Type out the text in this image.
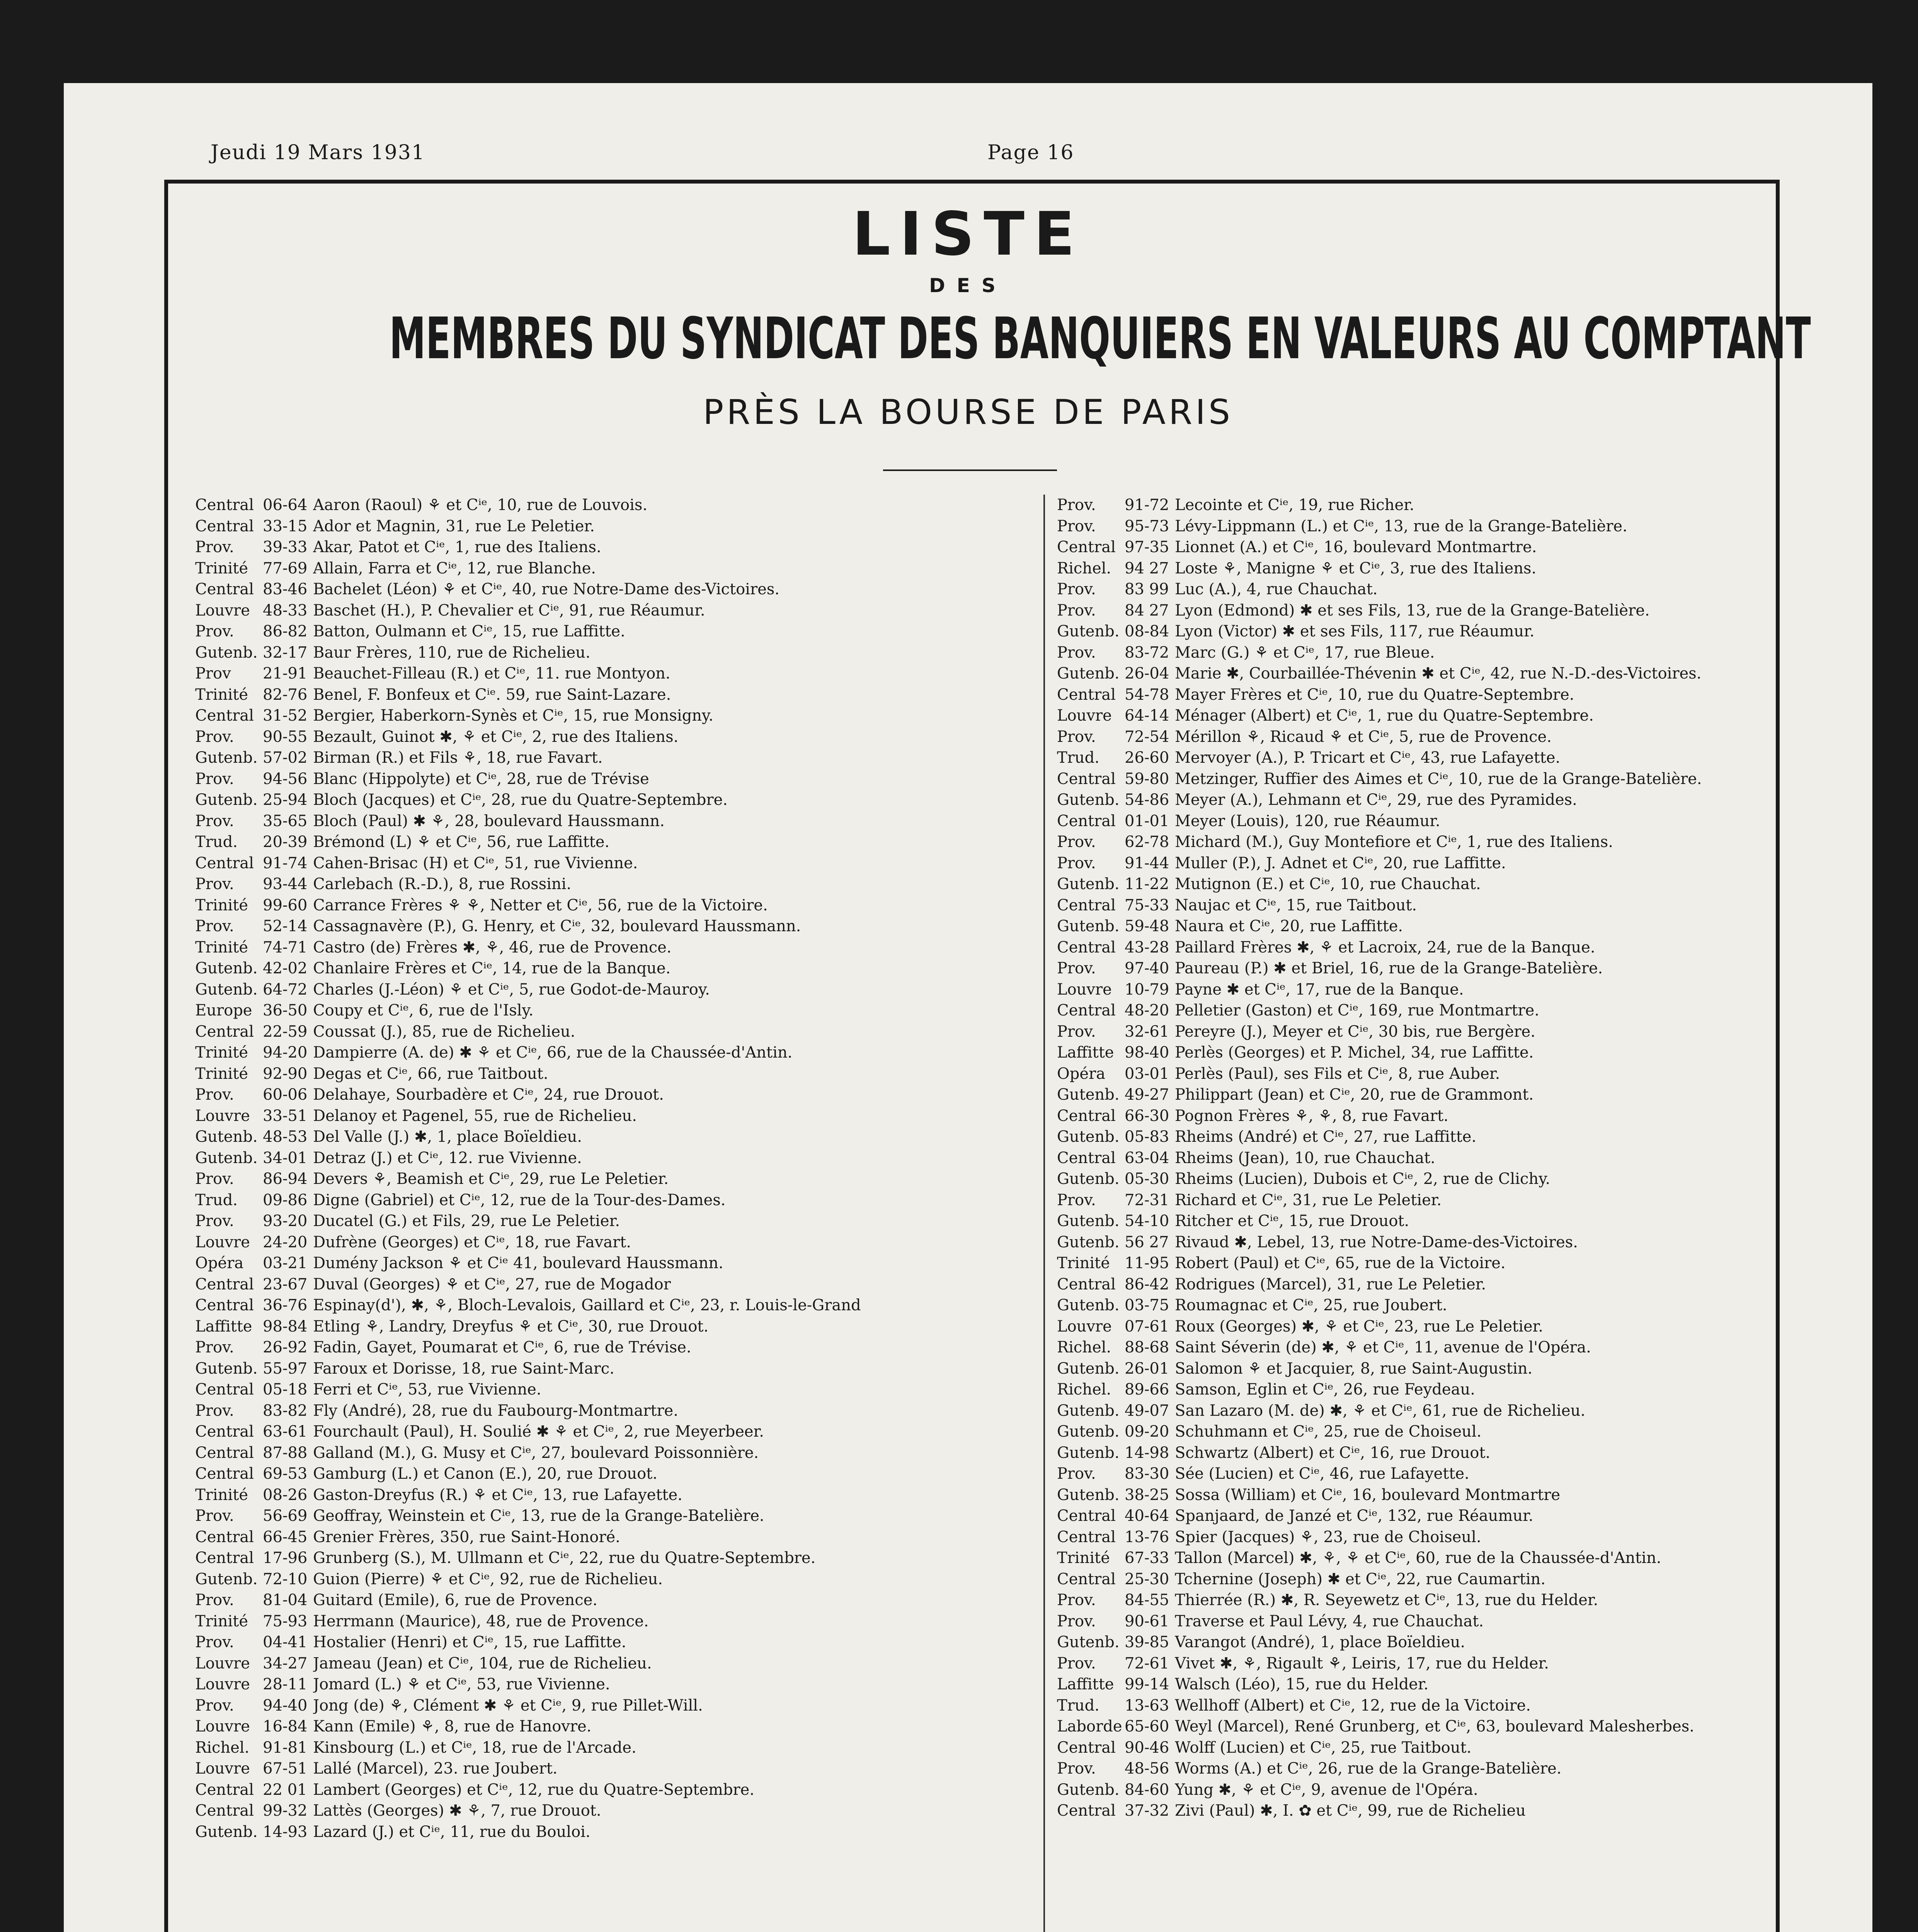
Jeudi 19 Mars 1931	Page 16
LISTE
DES
MEMBRES DU SYNDICAT DES BANQUIERS EN VALEURS AU COMPTANT
PRÈS LA BOURSE DE PARIS
Central 06-64 Aaron (Raoul) ⚘ et Cⁱᵉ, 10, rue de Louvois.
Central 33-15 Ador et Magnin, 31, rue Le Peletier.
Prov.	39-33 Akar, Patot et Cⁱᵉ, 1, rue des Italiens.
Trinité 77-69 Allain, Farra et Cⁱᵉ, 12, rue Blanche.
Central 83-46 Bachelet (Léon) ⚘ et Cⁱᵉ, 40, rue Notre-Dame des-Victoires.
Louvre 48-33 Baschet (H.), P. Chevalier et Cⁱᵉ, 91, rue Réaumur.
Prov.	86-82 Batton, Oulmann et Cⁱᵉ, 15, rue Laffitte.
Gutenb. 32-17 Baur Frères, 110, rue de Richelieu.
Prov	21-91 Beauchet-Filleau (R.) et Cⁱᵉ, 11. rue Montyon.
Trinité 82-76 Benel, F. Bonfeux et Cⁱᵉ. 59, rue Saint-Lazare.
Central 31-52 Bergier, Haberkorn-Synès et Cⁱᵉ, 15, rue Monsigny.
Prov.	90-55 Bezault, Guinot ✱, ⚘ et Cⁱᵉ, 2, rue des Italiens.
Gutenb. 57-02 Birman (R.) et Fils ⚘, 18, rue Favart.
Prov.	94-56 Blanc (Hippolyte) et Cⁱᵉ, 28, rue de Trévise
Gutenb. 25-94 Bloch (Jacques) et Cⁱᵉ, 28, rue du Quatre-Septembre.
Prov.	35-65 Bloch (Paul) ✱ ⚘, 28, boulevard Haussmann.
Trud.	20-39 Brémond (L) ⚘ et Cⁱᵉ, 56, rue Laffitte.
Central 91-74 Cahen-Brisac (H) et Cⁱᵉ, 51, rue Vivienne.
Prov.	93-44 Carlebach (R.-D.), 8, rue Rossini.
Trinité 99-60 Carrance Frères ⚘ ⚘, Netter et Cⁱᵉ, 56, rue de la Victoire.
Prov.	52-14 Cassagnavère (P.), G. Henry, et Cⁱᵉ, 32, boulevard Haussmann.
Trinité 74-71 Castro (de) Frères ✱, ⚘, 46, rue de Provence.
Gutenb. 42-02 Chanlaire Frères et Cⁱᵉ, 14, rue de la Banque.
Gutenb. 64-72 Charles (J.-Léon) ⚘ et Cⁱᵉ, 5, rue Godot-de-Mauroy.
Europe 36-50 Coupy et Cⁱᵉ, 6, rue de l'Isly.
Central 22-59 Coussat (J.), 85, rue de Richelieu.
Trinité 94-20 Dampierre (A. de) ✱ ⚘ et Cⁱᵉ, 66, rue de la Chaussée-d'Antin.
Trinité 92-90 Degas et Cⁱᵉ, 66, rue Taitbout.
Prov.	60-06 Delahaye, Sourbadère et Cⁱᵉ, 24, rue Drouot.
Louvre 33-51 Delanoy et Pagenel, 55, rue de Richelieu.
Gutenb. 48-53 Del Valle (J.) ✱, 1, place Boïeldieu.
Gutenb. 34-01 Detraz (J.) et Cⁱᵉ, 12. rue Vivienne.
Prov.	86-94 Devers ⚘, Beamish et Cⁱᵉ, 29, rue Le Peletier.
Trud.	09-86 Digne (Gabriel) et Cⁱᵉ, 12, rue de la Tour-des-Dames.
Prov.	93-20 Ducatel (G.) et Fils, 29, rue Le Peletier.
Louvre 24-20 Dufrène (Georges) et Cⁱᵉ, 18, rue Favart.
Opéra	03-21 Dumény Jackson ⚘ et Cⁱᵉ 41, boulevard Haussmann.
Central 23-67 Duval (Georges) ⚘ et Cⁱᵉ, 27, rue de Mogador
Central 36-76 Espinay(d'), ✱, ⚘, Bloch-Levalois, Gaillard et Cⁱᵉ, 23, r. Louis-le-Grand
Laffitte 98-84 Etling ⚘, Landry, Dreyfus ⚘ et Cⁱᵉ, 30, rue Drouot.
Prov.	26-92 Fadin, Gayet, Poumarat et Cⁱᵉ, 6, rue de Trévise.
Gutenb. 55-97 Faroux et Dorisse, 18, rue Saint-Marc.
Central 05-18 Ferri et Cⁱᵉ, 53, rue Vivienne.
Prov.	83-82 Fly (André), 28, rue du Faubourg-Montmartre.
Central 63-61 Fourchault (Paul), H. Soulié ✱ ⚘ et Cⁱᵉ, 2, rue Meyerbeer.
Central 87-88 Galland (M.), G. Musy et Cⁱᵉ, 27, boulevard Poissonnière.
Central 69-53 Gamburg (L.) et Canon (E.), 20, rue Drouot.
Trinité 08-26 Gaston-Dreyfus (R.) ⚘ et Cⁱᵉ, 13, rue Lafayette.
Prov.	56-69 Geoffray, Weinstein et Cⁱᵉ, 13, rue de la Grange-Batelière.
Central 66-45 Grenier Frères, 350, rue Saint-Honoré.
Central 17-96 Grunberg (S.), M. Ullmann et Cⁱᵉ, 22, rue du Quatre-Septembre.
Gutenb. 72-10 Guion (Pierre) ⚘ et Cⁱᵉ, 92, rue de Richelieu.
Prov.	81-04 Guitard (Emile), 6, rue de Provence.
Trinité 75-93 Herrmann (Maurice), 48, rue de Provence.
Prov.	04-41 Hostalier (Henri) et Cⁱᵉ, 15, rue Laffitte.
Louvre 34-27 Jameau (Jean) et Cⁱᵉ, 104, rue de Richelieu.
Louvre 28-11 Jomard (L.) ⚘ et Cⁱᵉ, 53, rue Vivienne.
Prov.	94-40 Jong (de) ⚘, Clément ✱ ⚘ et Cⁱᵉ, 9, rue Pillet-Will.
Louvre 16-84 Kann (Emile) ⚘, 8, rue de Hanovre.
Richel. 91-81 Kinsbourg (L.) et Cⁱᵉ, 18, rue de l'Arcade.
Louvre 67-51 Lallé (Marcel), 23. rue Joubert.
Central 22 01 Lambert (Georges) et Cⁱᵉ, 12, rue du Quatre-Septembre.
Central 99-32 Lattès (Georges) ✱ ⚘, 7, rue Drouot.
Gutenb. 14-93 Lazard (J.) et Cⁱᵉ, 11, rue du Bouloi.
Prov.	91-72 Lecointe et Cⁱᵉ, 19, rue Richer.
Prov.	95-73 Lévy-Lippmann (L.) et Cⁱᵉ, 13, rue de la Grange-Batelière.
Central 97-35 Lionnet (A.) et Cⁱᵉ, 16, boulevard Montmartre.
Richel. 94 27 Loste ⚘, Manigne ⚘ et Cⁱᵉ, 3, rue des Italiens.
Prov.	83 99 Luc (A.), 4, rue Chauchat.
Prov.	84 27 Lyon (Edmond) ✱ et ses Fils, 13, rue de la Grange-Batelière.
Gutenb. 08-84 Lyon (Victor) ✱ et ses Fils, 117, rue Réaumur.
Prov.	83-72 Marc (G.) ⚘ et Cⁱᵉ, 17, rue Bleue.
Gutenb. 26-04 Marie ✱, Courbaillée-Thévenin ✱ et Cⁱᵉ, 42, rue N.-D.-des-Victoires.
Central 54-78 Mayer Frères et Cⁱᵉ, 10, rue du Quatre-Septembre.
Louvre 64-14 Ménager (Albert) et Cⁱᵉ, 1, rue du Quatre-Septembre.
Prov.	72-54 Mérillon ⚘, Ricaud ⚘ et Cⁱᵉ, 5, rue de Provence.
Trud.	26-60 Mervoyer (A.), P. Tricart et Cⁱᵉ, 43, rue Lafayette.
Central 59-80 Metzinger, Ruffier des Aimes et Cⁱᵉ, 10, rue de la Grange-Batelière.
Gutenb. 54-86 Meyer (A.), Lehmann et Cⁱᵉ, 29, rue des Pyramides.
Central 01-01 Meyer (Louis), 120, rue Réaumur.
Prov.	62-78 Michard (M.), Guy Montefiore et Cⁱᵉ, 1, rue des Italiens.
Prov.	91-44 Muller (P.), J. Adnet et Cⁱᵉ, 20, rue Laffitte.
Gutenb. 11-22 Mutignon (E.) et Cⁱᵉ, 10, rue Chauchat.
Central 75-33 Naujac et Cⁱᵉ, 15, rue Taitbout.
Gutenb. 59-48 Naura et Cⁱᵉ, 20, rue Laffitte.
Central 43-28 Paillard Frères ✱, ⚘ et Lacroix, 24, rue de la Banque.
Prov.	97-40 Paureau (P.) ✱ et Briel, 16, rue de la Grange-Batelière.
Louvre 10-79 Payne ✱ et Cⁱᵉ, 17, rue de la Banque.
Central 48-20 Pelletier (Gaston) et Cⁱᵉ, 169, rue Montmartre.
Prov.	32-61 Pereyre (J.), Meyer et Cⁱᵉ, 30 bis, rue Bergère.
Laffitte 98-40 Perlès (Georges) et P. Michel, 34, rue Laffitte.
Opéra	03-01 Perlès (Paul), ses Fils et Cⁱᵉ, 8, rue Auber.
Gutenb. 49-27 Philippart (Jean) et Cⁱᵉ, 20, rue de Grammont.
Central 66-30 Pognon Frères ⚘, ⚘, 8, rue Favart.
Gutenb. 05-83 Rheims (André) et Cⁱᵉ, 27, rue Laffitte.
Central 63-04 Rheims (Jean), 10, rue Chauchat.
Gutenb. 05-30 Rheims (Lucien), Dubois et Cⁱᵉ, 2, rue de Clichy.
Prov.	72-31 Richard et Cⁱᵉ, 31, rue Le Peletier.
Gutenb. 54-10 Ritcher et Cⁱᵉ, 15, rue Drouot.
Gutenb. 56 27 Rivaud ✱, Lebel, 13, rue Notre-Dame-des-Victoires.
Trinité 11-95 Robert (Paul) et Cⁱᵉ, 65, rue de la Victoire.
Central 86-42 Rodrigues (Marcel), 31, rue Le Peletier.
Gutenb. 03-75 Roumagnac et Cⁱᵉ, 25, rue Joubert.
Louvre 07-61 Roux (Georges) ✱, ⚘ et Cⁱᵉ, 23, rue Le Peletier.
Richel. 88-68 Saint Séverin (de) ✱, ⚘ et Cⁱᵉ, 11, avenue de l'Opéra.
Gutenb. 26-01 Salomon ⚘ et Jacquier, 8, rue Saint-Augustin.
Richel. 89-66 Samson, Eglin et Cⁱᵉ, 26, rue Feydeau.
Gutenb. 49-07 San Lazaro (M. de) ✱, ⚘ et Cⁱᵉ, 61, rue de Richelieu.
Gutenb. 09-20 Schuhmann et Cⁱᵉ, 25, rue de Choiseul.
Gutenb. 14-98 Schwartz (Albert) et Cⁱᵉ, 16, rue Drouot.
Prov.	83-30 Sée (Lucien) et Cⁱᵉ, 46, rue Lafayette.
Gutenb. 38-25 Sossa (William) et Cⁱᵉ, 16, boulevard Montmartre
Central 40-64 Spanjaard, de Janzé et Cⁱᵉ, 132, rue Réaumur.
Central 13-76 Spier (Jacques) ⚘, 23, rue de Choiseul.
Trinité 67-33 Tallon (Marcel) ✱, ⚘, ⚘ et Cⁱᵉ, 60, rue de la Chaussée-d'Antin.
Central 25-30 Tchernine (Joseph) ✱ et Cⁱᵉ, 22, rue Caumartin.
Prov.	84-55 Thierrée (R.) ✱, R. Seyewetz et Cⁱᵉ, 13, rue du Helder.
Prov.	90-61 Traverse et Paul Lévy, 4, rue Chauchat.
Gutenb. 39-85 Varangot (André), 1, place Boïeldieu.
Prov.	72-61 Vivet ✱, ⚘, Rigault ⚘, Leiris, 17, rue du Helder.
Laffitte 99-14 Walsch (Léo), 15, rue du Helder.
Trud.	13-63 Wellhoff (Albert) et Cⁱᵉ, 12, rue de la Victoire.
Laborde 65-60 Weyl (Marcel), René Grunberg, et Cⁱᵉ, 63, boulevard Malesherbes.
Central 90-46 Wolff (Lucien) et Cⁱᵉ, 25, rue Taitbout.
Prov.	48-56 Worms (A.) et Cⁱᵉ, 26, rue de la Grange-Batelière.
Gutenb. 84-60 Yung ✱, ⚘ et Cⁱᵉ, 9, avenue de l'Opéra.
Central 37-32 Zivi (Paul) ✱, I. ✿ et Cⁱᵉ, 99, rue de Richelieu
